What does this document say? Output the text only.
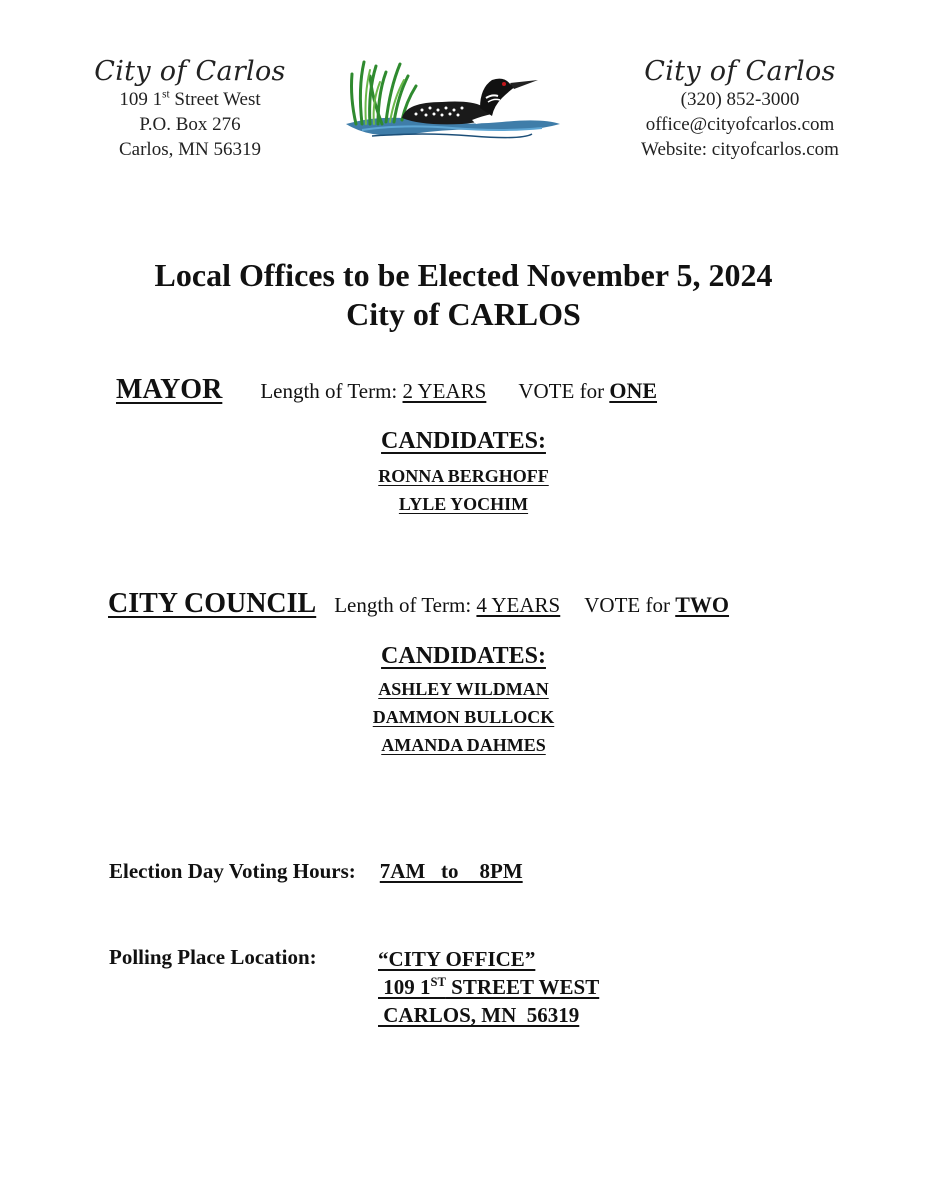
City of Carlos
109 1st Street West
P.O. Box 276
Carlos, MN 56319
City of Carlos
(320) 852-3000
office@cityofcarlos.com
Website: cityofcarlos.com
Local Offices to be Elected November 5, 2024
City of CARLOS
MAYOR Length of Term: 2 YEARS VOTE for ONE
CANDIDATES:
RONNA BERGHOFF
LYLE YOCHIM
CITY COUNCIL Length of Term: 4 YEARS VOTE for TWO
CANDIDATES:
ASHLEY WILDMAN
DAMMON BULLOCK
AMANDA DAHMES
Election Day Voting Hours: 7AM   to    8PM
Polling Place Location:	“CITY OFFICE”
109 1ST STREET WEST
CARLOS, MN  56319
